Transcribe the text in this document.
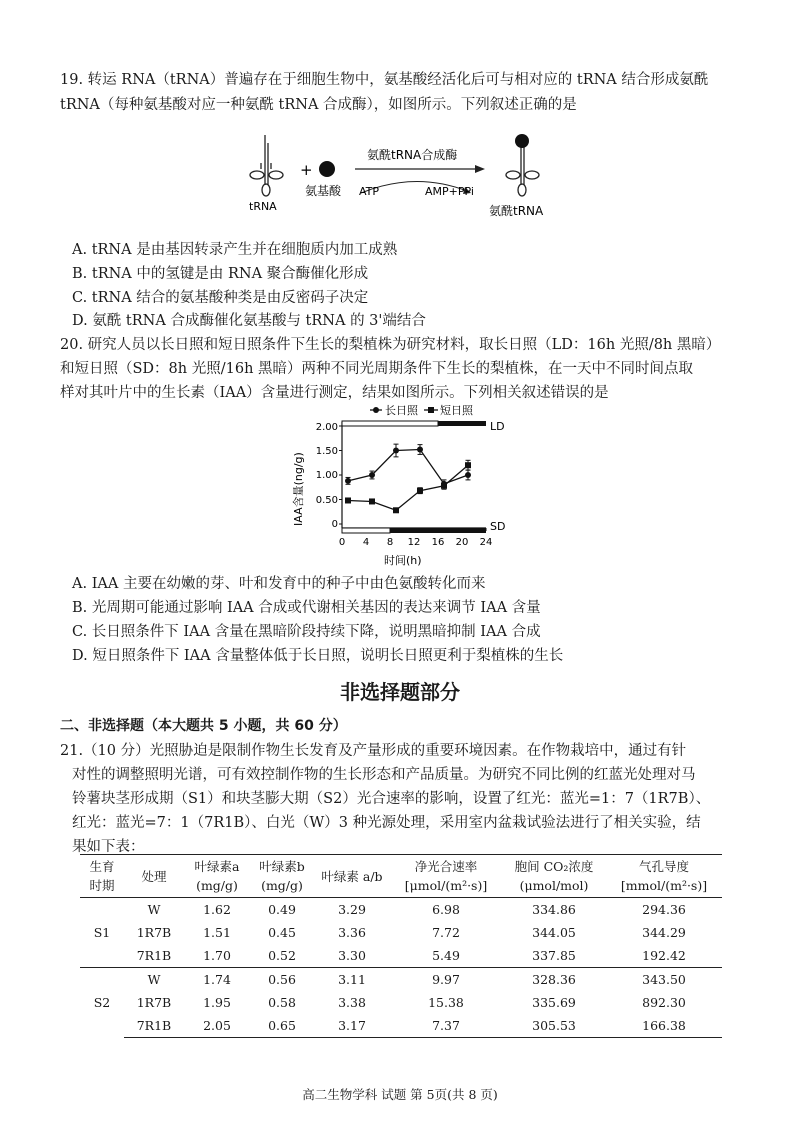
19. 转运 RNA（tRNA）普遍存在于细胞生物中，氨基酸经活化后可与相对应的 tRNA 结合形成氨酰
tRNA（每种氨基酸对应一种氨酰 tRNA 合成酶），如图所示。下列叙述正确的是
tRNA
+
氨基酸
氨酰tRNA合成酶
ATP	AMP+PPi
氨酰tRNA
A. tRNA 是由基因转录产生并在细胞质内加工成熟
B. tRNA 中的氢键是由 RNA 聚合酶催化形成
C. tRNA 结合的氨基酸种类是由反密码子决定
D. 氨酰 tRNA 合成酶催化氨基酸与 tRNA 的 3'端结合
20. 研究人员以长日照和短日照条件下生长的梨植株为研究材料，取长日照（LD：16h 光照/8h 黑暗）
和短日照（SD：8h 光照/16h 黑暗）两种不同光周期条件下生长的梨植株，在一天中不同时间点取
样对其叶片中的生长素（IAA）含量进行测定，结果如图所示。下列相关叙述错误的是
长日照 短日照
IAA含量(ng/g)
时间(h)
LD
SD
2.00
1.50
1.00
0.50
0
0 4 8 12 16 20 24
A. IAA 主要在幼嫩的芽、叶和发育中的种子中由色氨酸转化而来
B. 光周期可能通过影响 IAA 合成或代谢相关基因的表达来调节 IAA 含量
C. 长日照条件下 IAA 含量在黑暗阶段持续下降，说明黑暗抑制 IAA 合成
D. 短日照条件下 IAA 含量整体低于长日照，说明长日照更利于梨植株的生长
非选择题部分
二、非选择题（本大题共 5 小题，共 60 分）
21.（10 分）光照胁迫是限制作物生长发育及产量形成的重要环境因素。在作物栽培中，通过有针
对性的调整照明光谱，可有效控制作物的生长形态和产品质量。为研究不同比例的红蓝光处理对马
铃薯块茎形成期（S1）和块茎膨大期（S2）光合速率的影响，设置了红光：蓝光=1：7（1R7B）、
红光：蓝光=7：1（7R1B）、白光（W）3 种光源处理，采用室内盆栽试验法进行了相关实验，结
果如下表：
生育
时期	处理	叶绿素a
(mg/g)	叶绿素b
(mg/g)	叶绿素 a/b	净光合速率
[μmol/(m²·s)]	胞间 CO₂浓度
(μmol/mol)	气孔导度
[mmol/(m²·s)]
S1	W	1.62	0.49	3.29	6.98	334.86	294.36
	1R7B	1.51	0.45	3.36	7.72	344.05	344.29
	7R1B	1.70	0.52	3.30	5.49	337.85	192.42
S2	W	1.74	0.56	3.11	9.97	328.36	343.50
	1R7B	1.95	0.58	3.38	15.38	335.69	892.30
	7R1B	2.05	0.65	3.17	7.37	305.53	166.38
高二生物学科 试题 第 5页(共 8 页)
